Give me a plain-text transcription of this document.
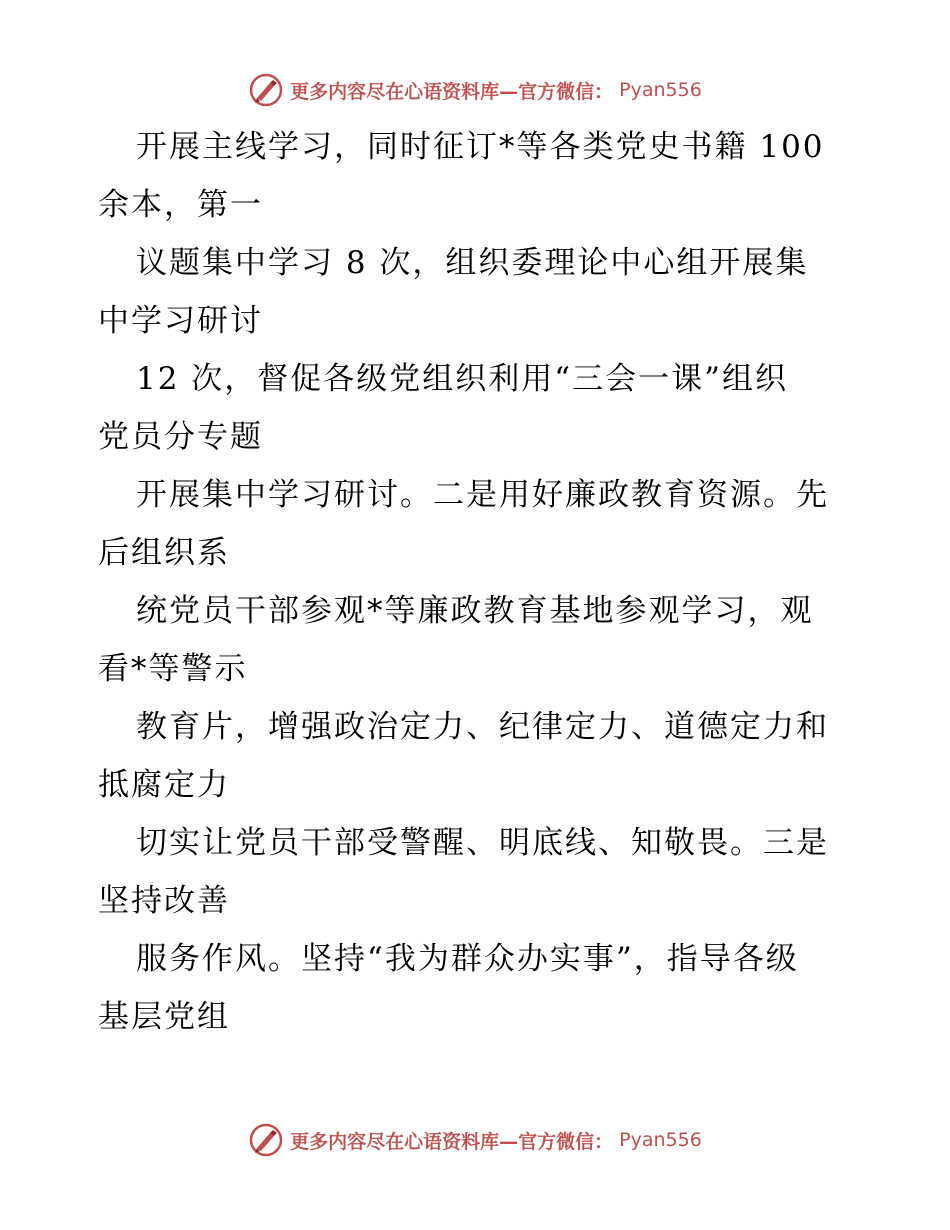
更多内容尽在心语资料库—官方微信： Pyan556

开展主线学习，同时征订*等各类党史书籍 100

余本，第一

议题集中学习 8 次，组织委理论中心组开展集

中学习研讨

12 次，督促各级党组织利用“三会一课”组织

党员分专题

开展集中学习研讨。二是用好廉政教育资源。先

后组织系

统党员干部参观*等廉政教育基地参观学习，观

看*等警示

教育片，增强政治定力、纪律定力、道德定力和

抵腐定力

切实让党员干部受警醒、明底线、知敬畏。三是

坚持改善

服务作风。坚持“我为群众办实事”，指导各级

基层党组

更多内容尽在心语资料库—官方微信： Pyan556
